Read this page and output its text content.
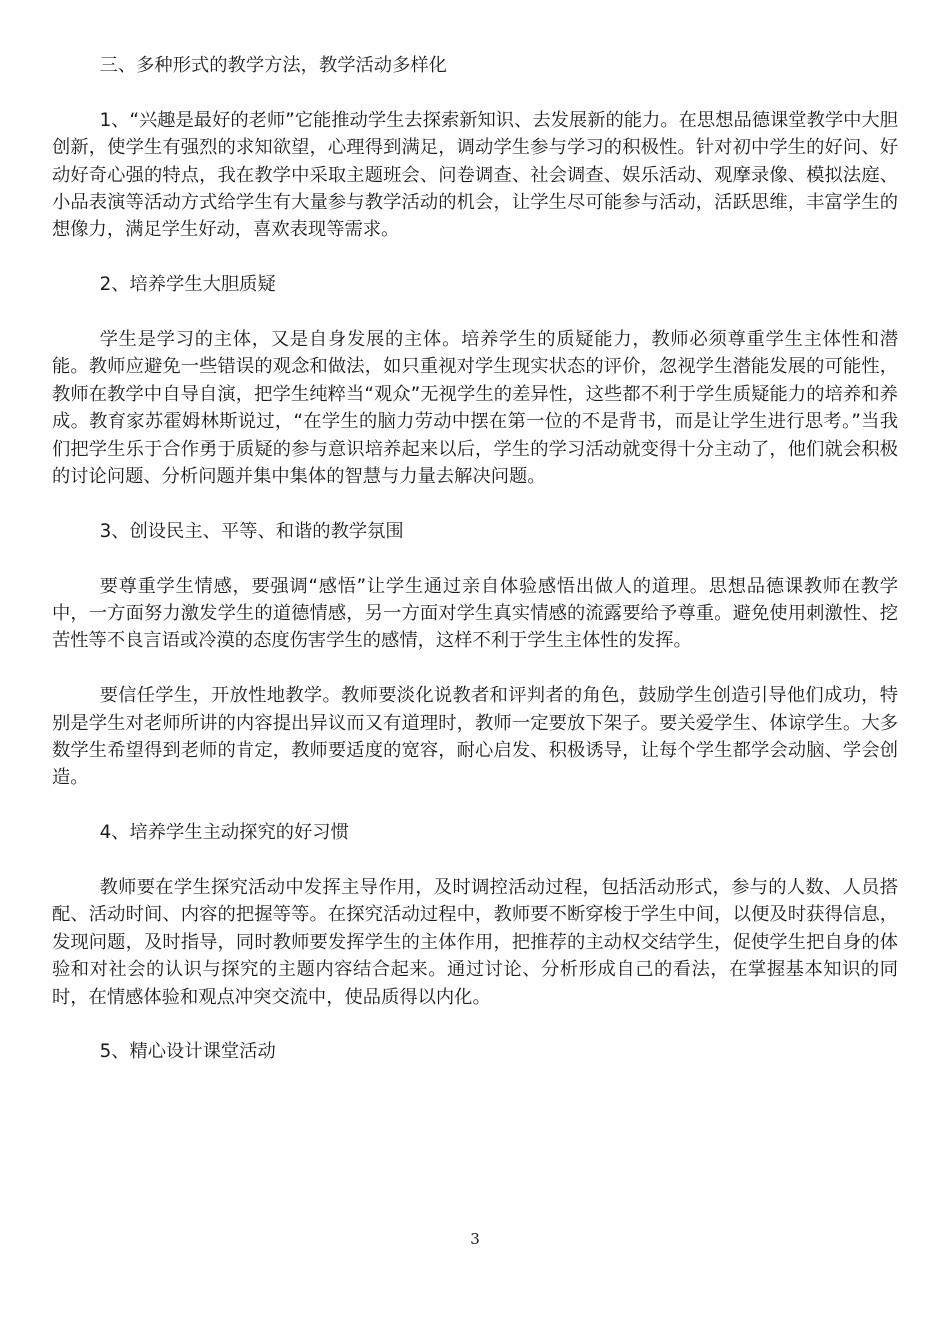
三、多种形式的教学方法，教学活动多样化

1、“兴趣是最好的老师”它能推动学生去探索新知识、去发展新的能力。在思想品德课堂教学中大胆创新，使学生有强烈的求知欲望，心理得到满足，调动学生参与学习的积极性。针对初中学生的好问、好动好奇心强的特点，我在教学中采取主题班会、问卷调查、社会调查、娱乐活动、观摩录像、模拟法庭、小品表演等活动方式给学生有大量参与教学活动的机会，让学生尽可能参与活动，活跃思维，丰富学生的想像力，满足学生好动，喜欢表现等需求。

2、培养学生大胆质疑

学生是学习的主体，又是自身发展的主体。培养学生的质疑能力，教师必须尊重学生主体性和潜能。教师应避免一些错误的观念和做法，如只重视对学生现实状态的评价，忽视学生潜能发展的可能性，教师在教学中自导自演，把学生纯粹当“观众”无视学生的差异性，这些都不利于学生质疑能力的培养和养成。教育家苏霍姆林斯说过，“在学生的脑力劳动中摆在第一位的不是背书，而是让学生进行思考。”当我们把学生乐于合作勇于质疑的参与意识培养起来以后，学生的学习活动就变得十分主动了，他们就会积极的讨论问题、分析问题并集中集体的智慧与力量去解决问题。

3、创设民主、平等、和谐的教学氛围

要尊重学生情感，要强调“感悟”让学生通过亲自体验感悟出做人的道理。思想品德课教师在教学中，一方面努力激发学生的道德情感，另一方面对学生真实情感的流露要给予尊重。避免使用刺激性、挖苦性等不良言语或冷漠的态度伤害学生的感情，这样不利于学生主体性的发挥。

要信任学生，开放性地教学。教师要淡化说教者和评判者的角色，鼓励学生创造引导他们成功，特别是学生对老师所讲的内容提出异议而又有道理时，教师一定要放下架子。要关爱学生、体谅学生。大多数学生希望得到老师的肯定，教师要适度的宽容，耐心启发、积极诱导，让每个学生都学会动脑、学会创造。

4、培养学生主动探究的好习惯

教师要在学生探究活动中发挥主导作用，及时调控活动过程，包括活动形式，参与的人数、人员搭配、活动时间、内容的把握等等。在探究活动过程中，教师要不断穿梭于学生中间，以便及时获得信息，发现问题，及时指导，同时教师要发挥学生的主体作用，把推荐的主动权交结学生，促使学生把自身的体验和对社会的认识与探究的主题内容结合起来。通过讨论、分析形成自己的看法，在掌握基本知识的同时，在情感体验和观点冲突交流中，使品质得以内化。

5、精心设计课堂活动

3
